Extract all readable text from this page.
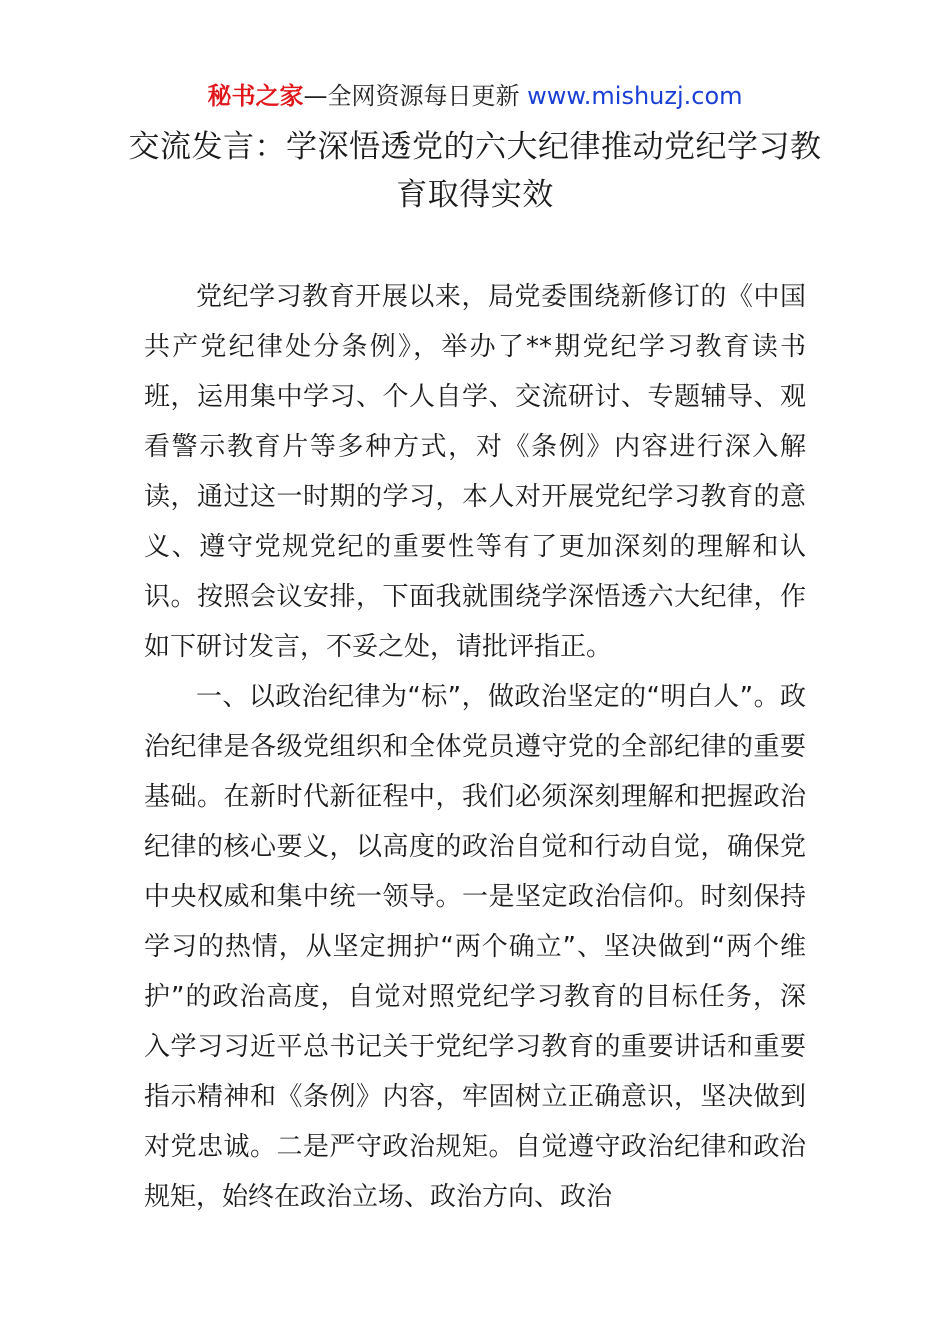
秘书之家—全网资源每日更新 www.mishuzj.com
交流发言：学深悟透党的六大纪律推动党纪学习教育取得实效

党纪学习教育开展以来，局党委围绕新修订的《中国共产党纪律处分条例》，举办了**期党纪学习教育读书班，运用集中学习、个人自学、交流研讨、专题辅导、观看警示教育片等多种方式，对《条例》内容进行深入解读，通过这一时期的学习，本人对开展党纪学习教育的意义、遵守党规党纪的重要性等有了更加深刻的理解和认识。按照会议安排，下面我就围绕学深悟透六大纪律，作如下研讨发言，不妥之处，请批评指正。

一、以政治纪律为“标”，做政治坚定的“明白人”。政治纪律是各级党组织和全体党员遵守党的全部纪律的重要基础。在新时代新征程中，我们必须深刻理解和把握政治纪律的核心要义，以高度的政治自觉和行动自觉，确保党中央权威和集中统一领导。一是坚定政治信仰。时刻保持学习的热情，从坚定拥护“两个确立”、坚决做到“两个维护”的政治高度，自觉对照党纪学习教育的目标任务，深入学习习近平总书记关于党纪学习教育的重要讲话和重要指示精神和《条例》内容，牢固树立正确意识，坚决做到对党忠诚。二是严守政治规矩。自觉遵守政治纪律和政治规矩，始终在政治立场、政治方向、政治
